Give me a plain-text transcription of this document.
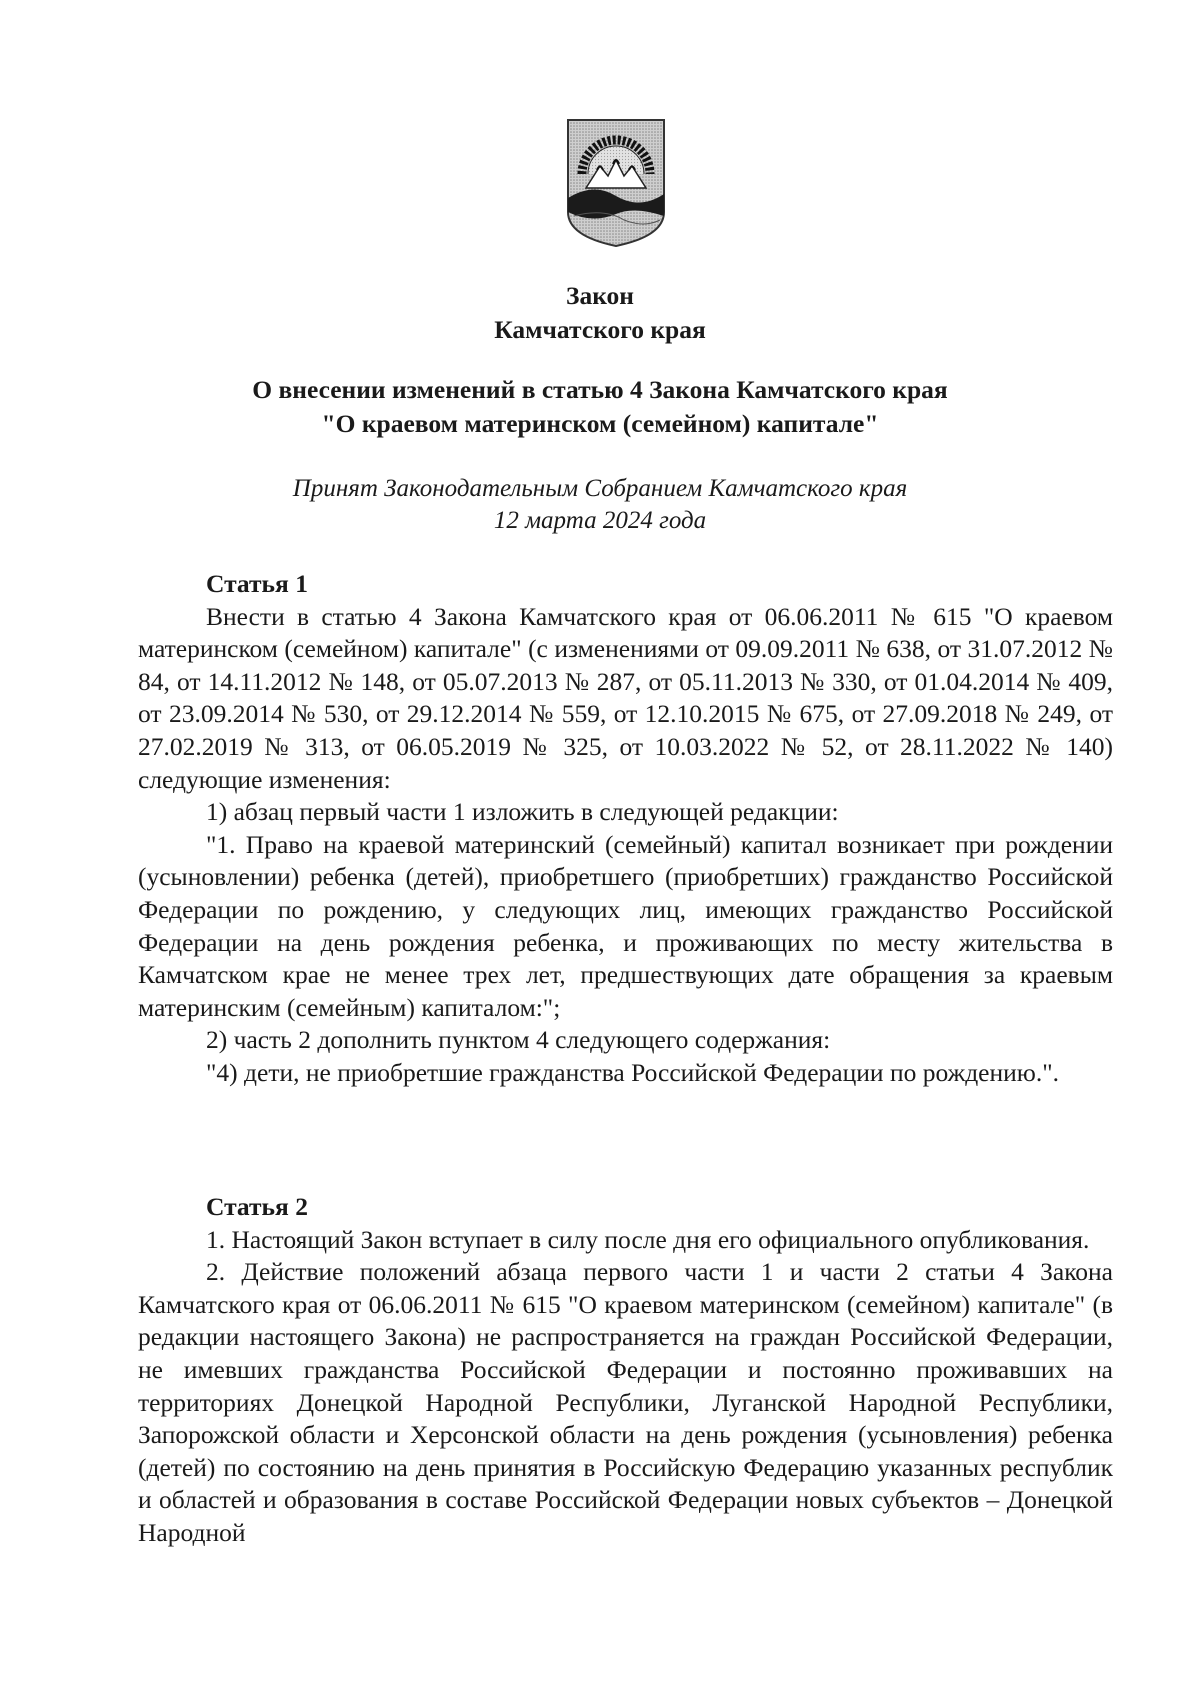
Закон
Камчатского края
О внесении изменений в статью 4 Закона Камчатского края
"О краевом материнском (семейном) капитале"
Принят Законодательным Собранием Камчатского края
12 марта 2024 года
Статья 1

Внести в статью 4 Закона Камчатского края от 06.06.2011 № 615 "О краевом материнском (семейном) капитале" (с изменениями от 09.09.2011 № 638, от 31.07.2012 № 84, от 14.11.2012 № 148, от 05.07.2013 № 287, от 05.11.2013 № 330, от 01.04.2014 № 409, от 23.09.2014 № 530, от 29.12.2014 № 559, от 12.10.2015 № 675, от 27.09.2018 № 249, от 27.02.2019 № 313, от 06.05.2019 № 325, от 10.03.2022 № 52, от 28.11.2022 № 140) следующие изменения:

1) абзац первый части 1 изложить в следующей редакции:

"1. Право на краевой материнский (семейный) капитал возникает при рождении (усыновлении) ребенка (детей), приобретшего (приобретших) гражданство Российской Федерации по рождению, у следующих лиц, имеющих гражданство Российской Федерации на день рождения ребенка, и проживающих по месту жительства в Камчатском крае не менее трех лет, предшествующих дате обращения за краевым материнским (семейным) капиталом:";

2) часть 2 дополнить пунктом 4 следующего содержания:

"4) дети, не приобретшие гражданства Российской Федерации по рождению.".

Статья 2

1. Настоящий Закон вступает в силу после дня его официального опубликования.

2. Действие положений абзаца первого части 1 и части 2 статьи 4 Закона Камчатского края от 06.06.2011 № 615 "О краевом материнском (семейном) капитале" (в редакции настоящего Закона) не распространяется на граждан Российской Федерации, не имевших гражданства Российской Федерации и постоянно проживавших на территориях Донецкой Народной Республики, Луганской Народной Республики, Запорожской области и Херсонской области на день рождения (усыновления) ребенка (детей) по состоянию на день принятия в Российскую Федерацию указанных республик и областей и образования в составе Российской Федерации новых субъектов – Донецкой Народной
